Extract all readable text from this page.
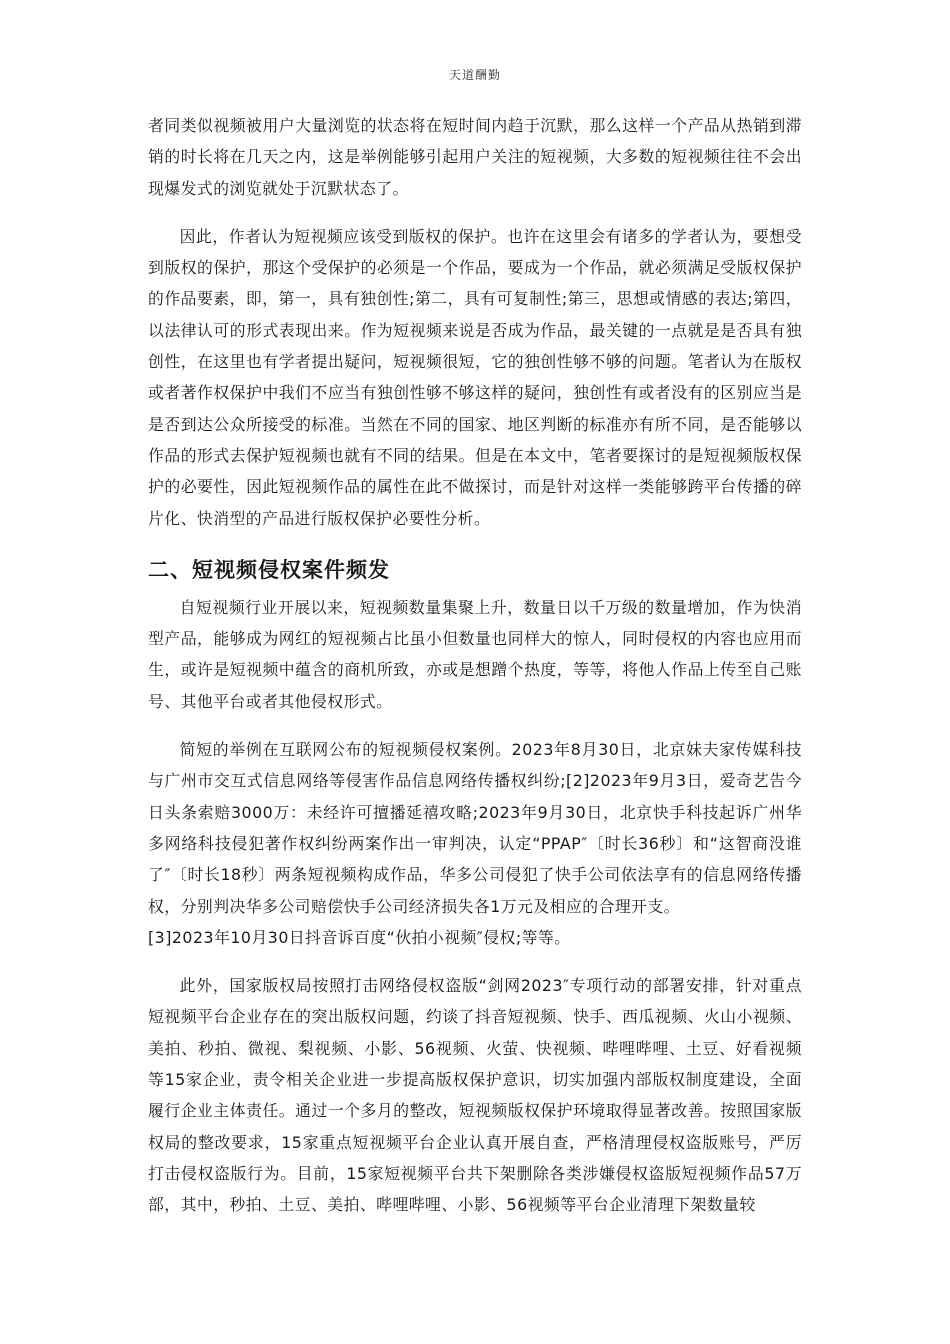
天道酬勤

者同类似视频被用户大量浏览的状态将在短时间内趋于沉默，那么这样一个产品从热销到滞销的时长将在几天之内，这是举例能够引起用户关注的短视频，大多数的短视频往往不会出现爆发式的浏览就处于沉默状态了。

因此，作者认为短视频应该受到版权的保护。也许在这里会有诸多的学者认为，要想受到版权的保护，那这个受保护的必须是一个作品，要成为一个作品，就必须满足受版权保护的作品要素，即，第一，具有独创性;第二，具有可复制性;第三，思想或情感的表达;第四，以法律认可的形式表现出来。作为短视频来说是否成为作品，最关键的一点就是是否具有独创性，在这里也有学者提出疑问，短视频很短，它的独创性够不够的问题。笔者认为在版权或者著作权保护中我们不应当有独创性够不够这样的疑问，独创性有或者没有的区别应当是是否到达公众所接受的标准。当然在不同的国家、地区判断的标准亦有所不同，是否能够以作品的形式去保护短视频也就有不同的结果。但是在本文中，笔者要探讨的是短视频版权保护的必要性，因此短视频作品的属性在此不做探讨，而是针对这样一类能够跨平台传播的碎片化、快消型的产品进行版权保护必要性分析。

二、短视频侵权案件频发

自短视频行业开展以来，短视频数量集聚上升，数量日以千万级的数量增加，作为快消型产品，能够成为网红的短视频占比虽小但数量也同样大的惊人，同时侵权的内容也应用而生，或许是短视频中蕴含的商机所致，亦或是想蹭个热度，等等，将他人作品上传至自己账号、其他平台或者其他侵权形式。

简短的举例在互联网公布的短视频侵权案例。2023年8月30日，北京妹夫家传媒科技与广州市交互式信息网络等侵害作品信息网络传播权纠纷;[2]2023年9月3日，爱奇艺告今日头条索赔3000万：未经许可擅播延禧攻略;2023年9月30日，北京快手科技起诉广州华多网络科技侵犯著作权纠纷两案作出一审判决，认定“PPAP″〔时长36秒〕和“这智商没谁了″〔时长18秒〕两条短视频构成作品，华多公司侵犯了快手公司依法享有的信息网络传播权，分别判决华多公司赔偿快手公司经济损失各1万元及相应的合理开支。

[3]2023年10月30日抖音诉百度“伙拍小视频″侵权;等等。

此外，国家版权局按照打击网络侵权盗版“剑网2023″专项行动的部署安排，针对重点短视频平台企业存在的突出版权问题，约谈了抖音短视频、快手、西瓜视频、火山小视频、美拍、秒拍、微视、梨视频、小影、56视频、火萤、快视频、哔哩哔哩、土豆、好看视频等15家企业，责令相关企业进一步提高版权保护意识，切实加强内部版权制度建设，全面履行企业主体责任。通过一个多月的整改，短视频版权保护环境取得显著改善。按照国家版权局的整改要求，15家重点短视频平台企业认真开展自查，严格清理侵权盗版账号，严厉打击侵权盗版行为。目前，15家短视频平台共下架删除各类涉嫌侵权盗版短视频作品57万部，其中，秒拍、土豆、美拍、哔哩哔哩、小影、56视频等平台企业清理下架数量较
